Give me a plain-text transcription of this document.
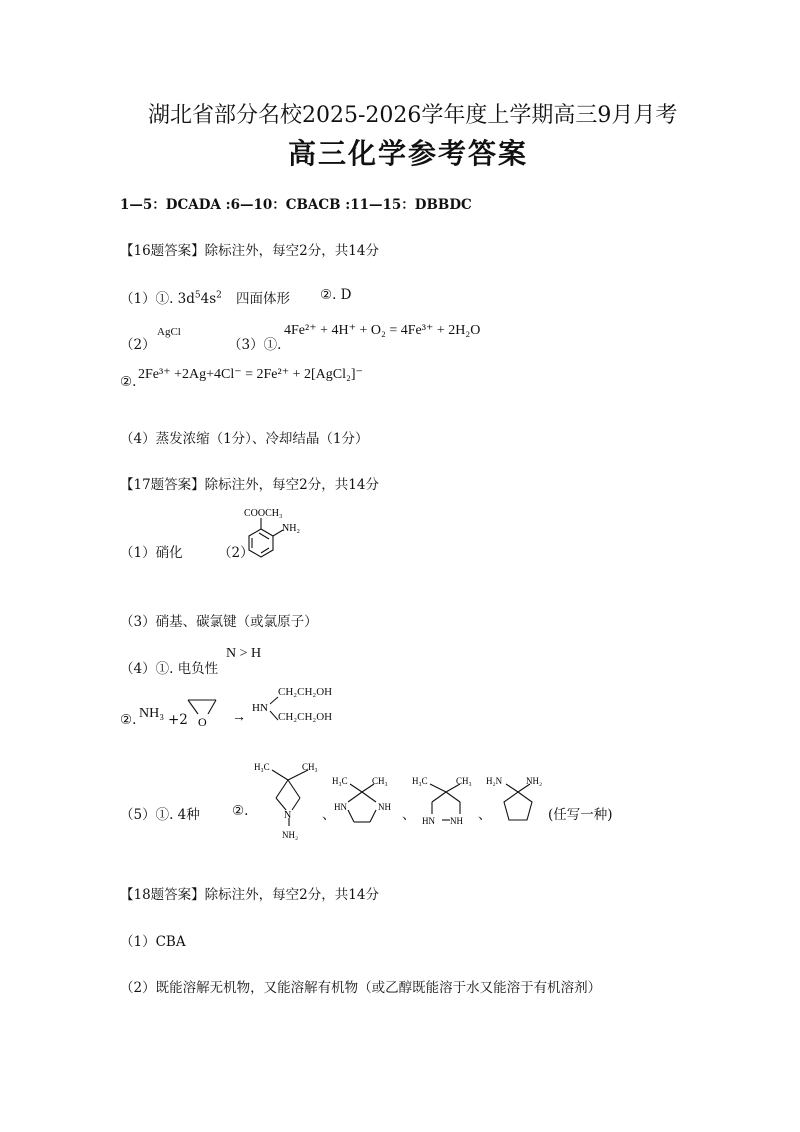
湖北省部分名校2025-2026学年度上学期高三9月月考
高三化学参考答案
1—5：DCADA :6—10：CBACB :11—15：DBBDC
【16题答案】除标注外，每空2分，共14分
（1）①. $3d^54s^2$ 四面体形 ②. D
（2）
AgCl
（3）①.
4Fe²⁺ + 4H⁺ + O₂ = 4Fe³⁺ + 2H₂O
②. 2Fe³⁺ +2Ag+4Cl⁻ = 2Fe²⁺ + 2[AgCl₂]⁻
（4）蒸发浓缩（1分）、冷却结晶（1分）
【17题答案】除标注外，每空2分，共14分
（1）硝化	（2）
COOCH₃
NH₂
（3）硝基、碳氯键（或氯原子）
（4）①. 电负性
N > H
②. NH₃ +2 O →
HN
CH₂CH₂OH
CH₂CH₂OH
（5）①. 4种 ②.
H₃C	CH₃
N
NH₂
、
H₃C	CH₃
HN	NH 、
H₃C	CH₃
HN NH 、
H₂N	NH₂
(任写一种)
【18题答案】除标注外，每空2分，共14分
（1）CBA
（2）既能溶解无机物，又能溶解有机物（或乙醇既能溶于水又能溶于有机溶剂）
